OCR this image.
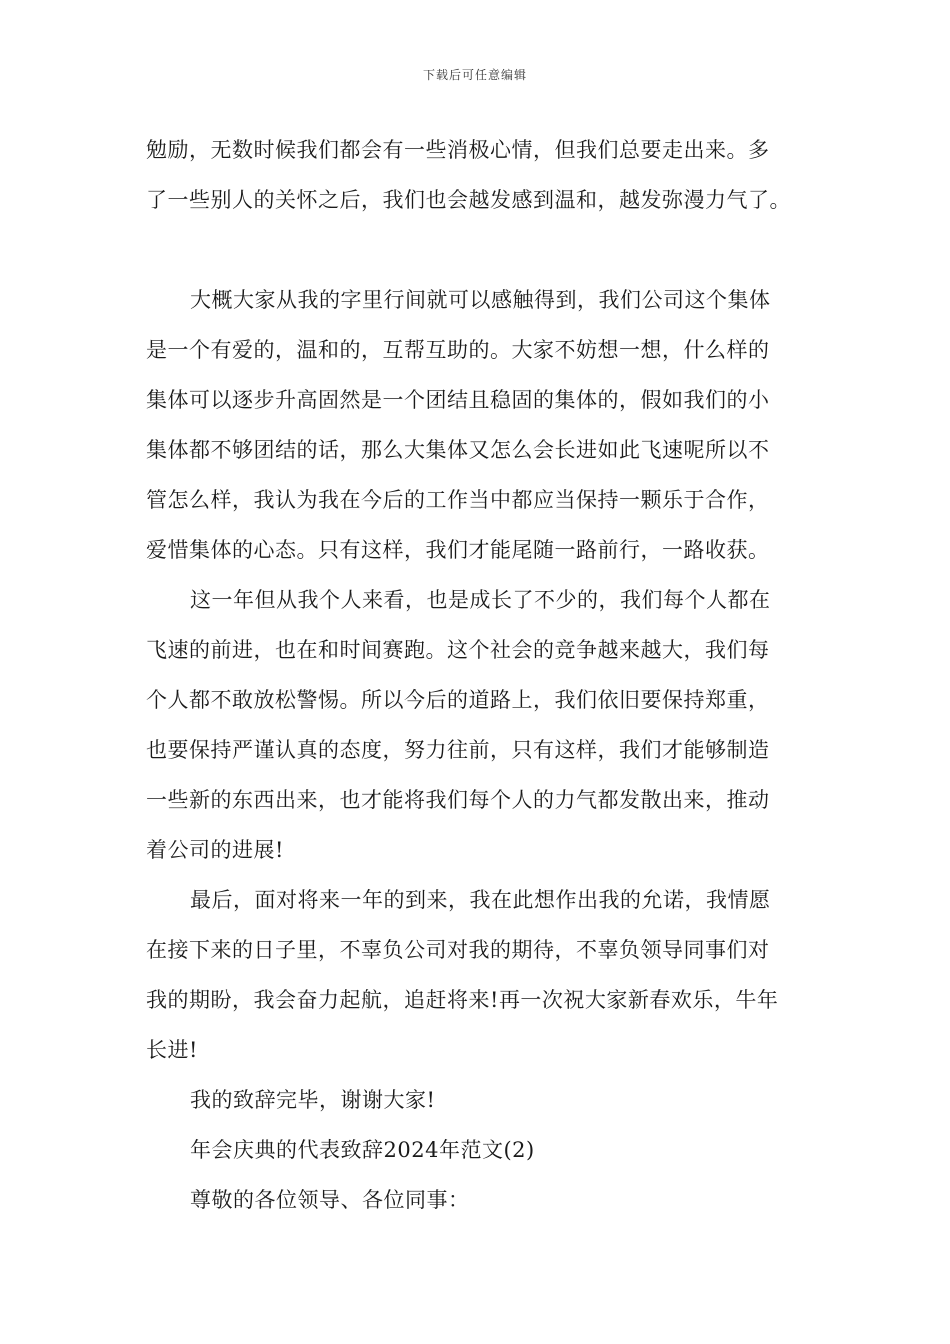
下载后可任意编辑
勉励，无数时候我们都会有一些消极心情，但我们总要走出来。多
了一些别人的关怀之后，我们也会越发感到温和，越发弥漫力气了。
大概大家从我的字里行间就可以感触得到，我们公司这个集体
是一个有爱的，温和的，互帮互助的。大家不妨想一想，什么样的
集体可以逐步升高固然是一个团结且稳固的集体的，假如我们的小
集体都不够团结的话，那么大集体又怎么会长进如此飞速呢所以不
管怎么样，我认为我在今后的工作当中都应当保持一颗乐于合作，
爱惜集体的心态。只有这样，我们才能尾随一路前行，一路收获。
这一年但从我个人来看，也是成长了不少的，我们每个人都在
飞速的前进，也在和时间赛跑。这个社会的竞争越来越大，我们每
个人都不敢放松警惕。所以今后的道路上，我们依旧要保持郑重，
也要保持严谨认真的态度，努力往前，只有这样，我们才能够制造
一些新的东西出来，也才能将我们每个人的力气都发散出来，推动
着公司的进展!
最后，面对将来一年的到来，我在此想作出我的允诺，我情愿
在接下来的日子里，不辜负公司对我的期待，不辜负领导同事们对
我的期盼，我会奋力起航，追赶将来!再一次祝大家新春欢乐，牛年
长进!
我的致辞完毕，谢谢大家!
年会庆典的代表致辞2024年范文(2)
尊敬的各位领导、各位同事：
